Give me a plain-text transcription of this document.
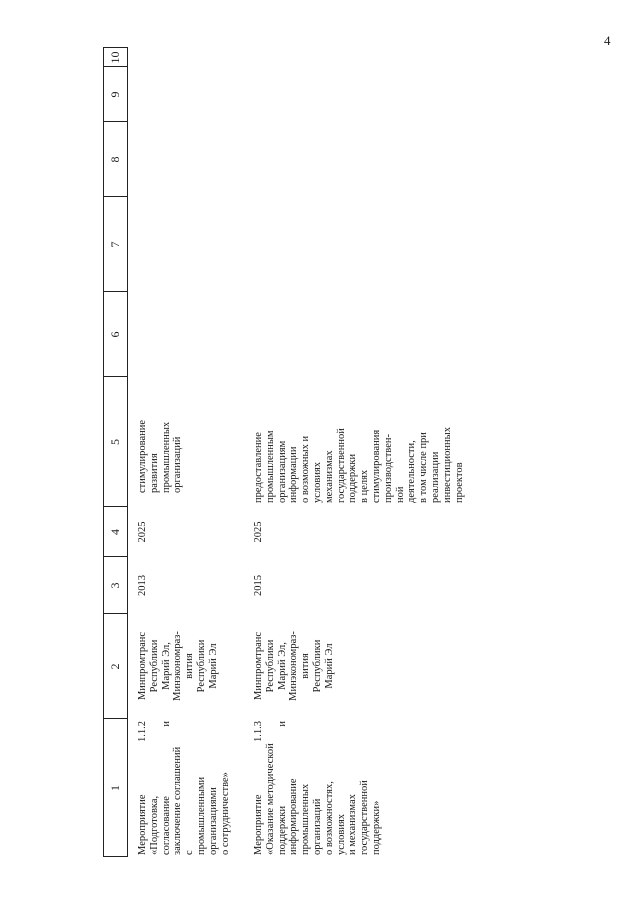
4
1
2
3
4
5
6
7
8
9
10
Мероприятие
1.1.2
«Подготовка,
согласование
заключение соглашений с
промышленными
организациями
о сотрудничестве»
и
Минпромтранс
Республики
Марий Эл,
Минэкономраз-
вития
Республики
Марий Эл
2013
2025
стимулирование
развития
промышленных
организаций
Мероприятие
1.1.3
«Оказание методической
поддержки
информирование
промышленных
организаций
о возможностях, условиях
и механизмах
государственной
поддержки»
и
Минпромтранс
Республики
Марий Эл,
Минэкономраз-
вития
Республики
Марий Эл
2015
2025
предоставление
промышленным
организациям
информации
о возможных и
условиях
механизмах
государственной
поддержки
в целях
стимулирования
производствен-
ной
деятельности,
в том числе при
реализации
инвестиционных
проектов
